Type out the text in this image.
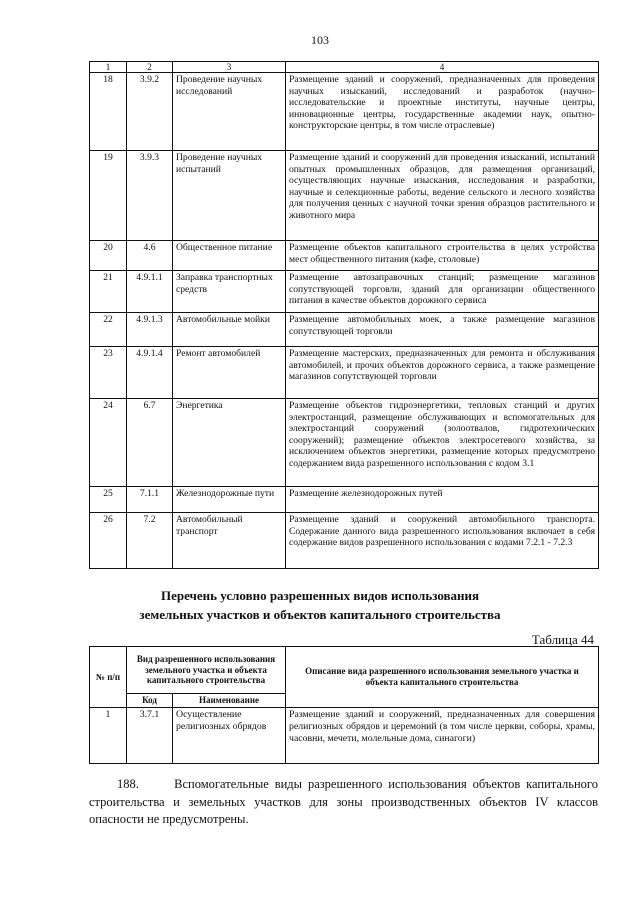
103
1	2	3	4
18	3.9.2	Проведение научных исследований	Размещение зданий и сооружений, предназначенных для проведения научных изысканий, исследований и разработок (научно-исследовательские и проектные институты, научные центры, инновационные центры, государственные академии наук, опытно-конструкторские центры, в том числе отраслевые)
19	3.9.3	Проведение научных испытаний	Размещение зданий и сооружений для проведения изысканий, испытаний опытных промышленных образцов, для размещения организаций, осуществляющих научные изыскания, исследования и разработки, научные и селекционные работы, ведение сельского и лесного хозяйства для получения ценных с научной точки зрения образцов растительного и животного мира
20	4.6	Общественное питание	Размещение объектов капитального строительства в целях устройства мест общественного питания (кафе, столовые)
21	4.9.1.1	Заправка транспортных средств	Размещение автозаправочных станций; размещение магазинов сопутствующей торговли, зданий для организации общественного питания в качестве объектов дорожного сервиса
22	4.9.1.3	Автомобильные мойки	Размещение автомобильных моек, а также размещение магазинов сопутствующей торговли
23	4.9.1.4	Ремонт автомобилей	Размещение мастерских, предназначенных для ремонта и обслуживания автомобилей, и прочих объектов дорожного сервиса, а также размещение магазинов сопутствующей торговли
24	6.7	Энергетика	Размещение объектов гидроэнергетики, тепловых станций и других электростанций, размещение обслуживающих и вспомогательных для электростанций сооружений (золоотвалов, гидротехнических сооружений); размещение объектов электросетевого хозяйства, за исключением объектов энергетики, размещение которых предусмотрено содержанием вида разрешенного использования с кодом 3.1
25	7.1.1	Железнодорожные пути	Размещение железнодорожных путей
26	7.2	Автомобильный транспорт	Размещение зданий и сооружений автомобильного транспорта. Содержание данного вида разрешенного использования включает в себя содержание видов разрешенного использования с кодами 7.2.1 - 7.2.3
Перечень условно разрешенных видов использования
земельных участков и объектов капитального строительства
Таблица 44
№ п/п	Вид разрешенного использования земельного участка и объекта капитального строительства		Описание вида разрешенного использования земельного участка и объекта капитального строительства
	Код	Наименование	
1	3.7.1	Осуществление религиозных обрядов	Размещение зданий и сооружений, предназначенных для совершения религиозных обрядов и церемоний (в том числе церкви, соборы, храмы, часовни, мечети, молельные дома, синагоги)
188.	Вспомогательные виды разрешенного использования объектов капитального строительства и земельных участков для зоны производственных объектов IV классов опасности не предусмотрены.
